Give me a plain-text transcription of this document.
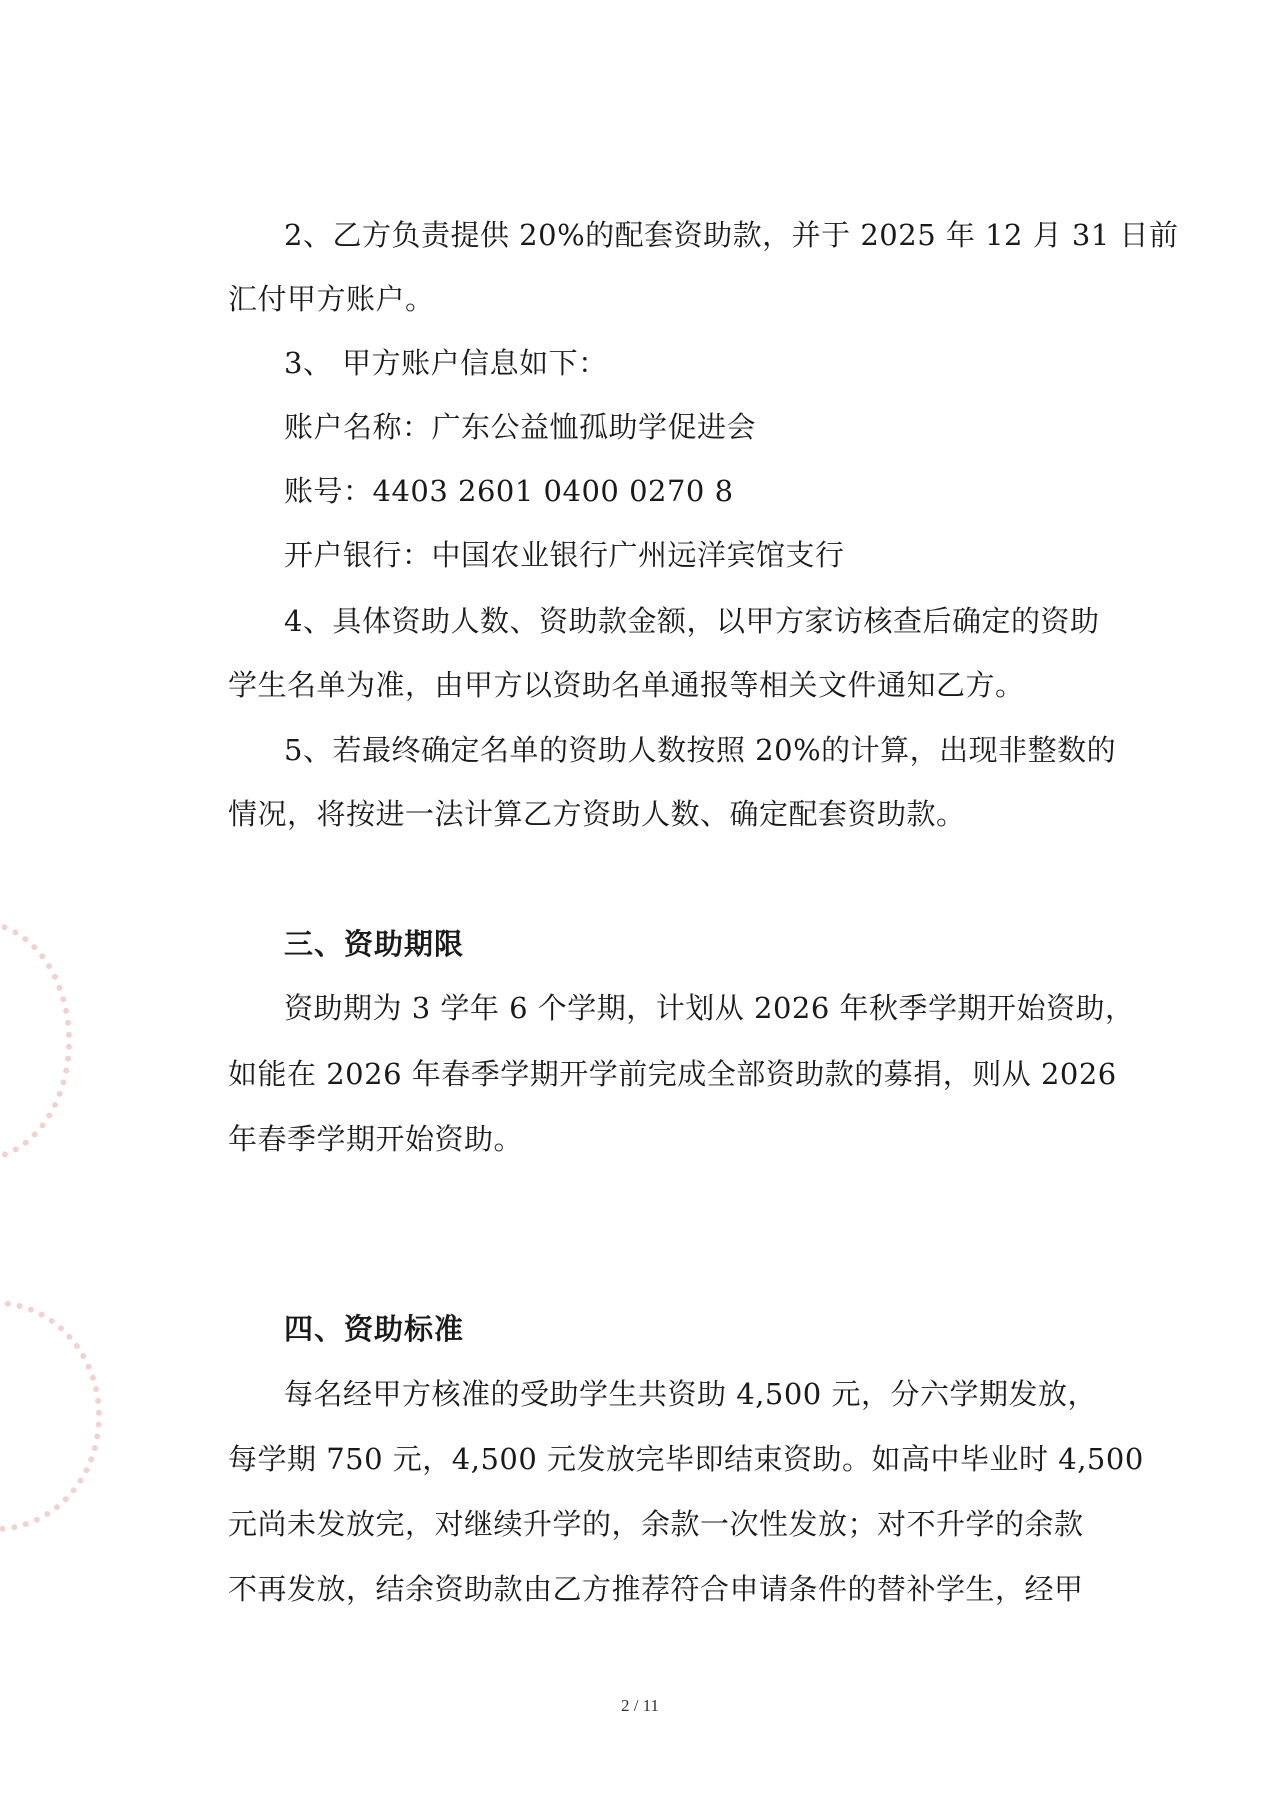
2、乙方负责提供 20%的配套资助款，并于 2025 年 12 月 31 日前
汇付甲方账户。
3、 甲方账户信息如下：
账户名称：广东公益恤孤助学促进会
账号：4403 2601 0400 0270 8
开户银行：中国农业银行广州远洋宾馆支行
4、具体资助人数、资助款金额，以甲方家访核查后确定的资助
学生名单为准，由甲方以资助名单通报等相关文件通知乙方。
5、若最终确定名单的资助人数按照 20%的计算，出现非整数的
情况，将按进一法计算乙方资助人数、确定配套资助款。
三、资助期限
资助期为 3 学年 6 个学期，计划从 2026 年秋季学期开始资助，
如能在 2026 年春季学期开学前完成全部资助款的募捐，则从 2026
年春季学期开始资助。
四、资助标准
每名经甲方核准的受助学生共资助 4,500 元，分六学期发放，
每学期 750 元，4,500 元发放完毕即结束资助。如高中毕业时 4,500
元尚未发放完，对继续升学的，余款一次性发放；对不升学的余款
不再发放，结余资助款由乙方推荐符合申请条件的替补学生，经甲
2 / 11
